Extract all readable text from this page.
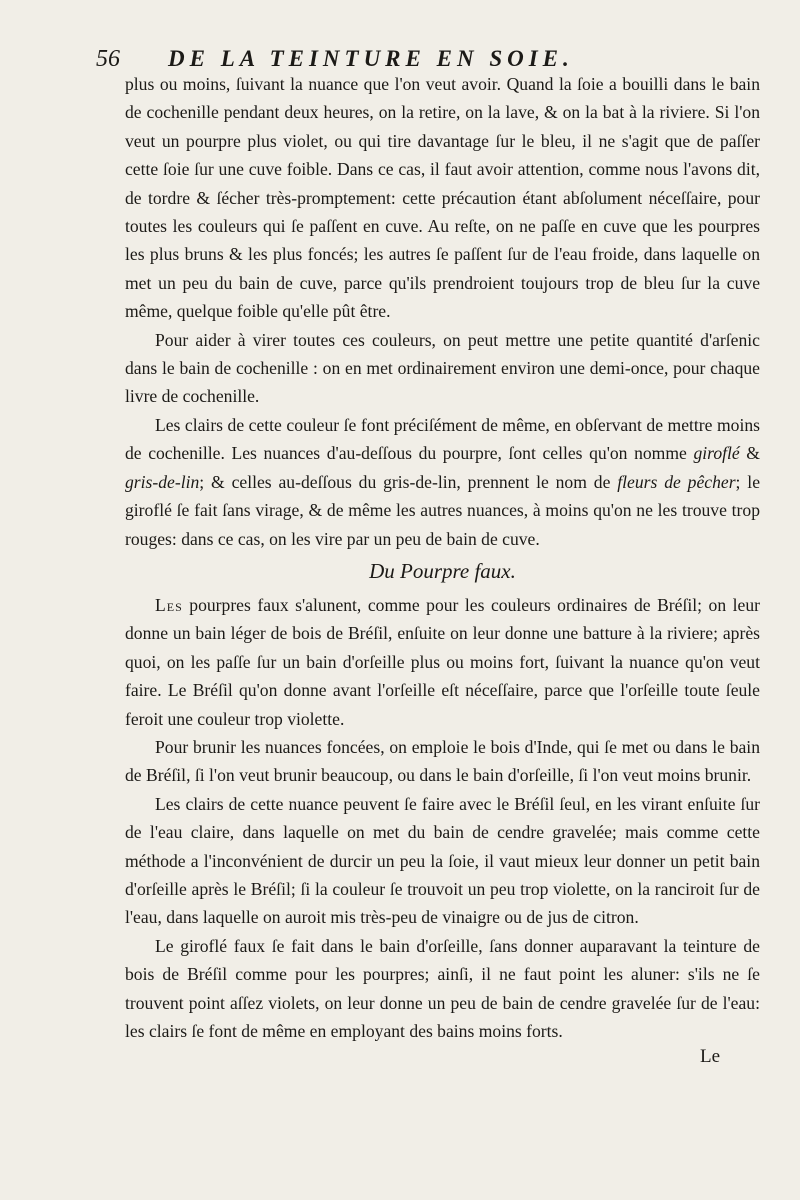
56 DE LA TEINTURE EN SOIE.

plus ou moins, ſuivant la nuance que l'on veut avoir. Quand la ſoie a bouilli dans le bain de cochenille pendant deux heures, on la retire, on la lave, & on la bat à la riviere. Si l'on veut un pourpre plus violet, ou qui tire davantage ſur le bleu, il ne s'agit que de paſſer cette ſoie ſur une cuve foible. Dans ce cas, il faut avoir attention, comme nous l'avons dit, de tordre & ſécher très-promptement: cette précaution étant abſolument néceſſaire, pour toutes les couleurs qui ſe paſſent en cuve. Au reſte, on ne paſſe en cuve que les pourpres les plus bruns & les plus foncés; les autres ſe paſſent ſur de l'eau froide, dans laquelle on met un peu du bain de cuve, parce qu'ils prendroient toujours trop de bleu ſur la cuve même, quelque foible qu'elle pût être.

Pour aider à virer toutes ces couleurs, on peut mettre une petite quantité d'arſenic dans le bain de cochenille : on en met ordinairement environ une demi-once, pour chaque livre de cochenille.

Les clairs de cette couleur ſe font préciſément de même, en obſervant de mettre moins de cochenille. Les nuances d'au-deſſous du pourpre, ſont celles qu'on nomme giroflé & gris-de-lin; & celles au-deſſous du gris-de-lin, prennent le nom de fleurs de pêcher; le giroflé ſe fait ſans virage, & de même les autres nuances, à moins qu'on ne les trouve trop rouges: dans ce cas, on les vire par un peu de bain de cuve.

Du Pourpre faux.

Les pourpres faux s'alunent, comme pour les couleurs ordinaires de Bréſil; on leur donne un bain léger de bois de Bréſil, enſuite on leur donne une batture à la riviere; après quoi, on les paſſe ſur un bain d'orſeille plus ou moins fort, ſuivant la nuance qu'on veut faire. Le Bréſil qu'on donne avant l'orſeille eſt néceſſaire, parce que l'orſeille toute ſeule feroit une couleur trop violette.

Pour brunir les nuances foncées, on emploie le bois d'Inde, qui ſe met ou dans le bain de Bréſil, ſi l'on veut brunir beaucoup, ou dans le bain d'orſeille, ſi l'on veut moins brunir.

Les clairs de cette nuance peuvent ſe faire avec le Bréſil ſeul, en les virant enſuite ſur de l'eau claire, dans laquelle on met du bain de cendre gravelée; mais comme cette méthode a l'inconvénient de durcir un peu la ſoie, il vaut mieux leur donner un petit bain d'orſeille après le Bréſil; ſi la couleur ſe trouvoit un peu trop violette, on la ranciroit ſur de l'eau, dans laquelle on auroit mis très-peu de vinaigre ou de jus de citron.

Le giroflé faux ſe fait dans le bain d'orſeille, ſans donner auparavant la teinture de bois de Bréſil comme pour les pourpres; ainſi, il ne faut point les aluner: s'ils ne ſe trouvent point aſſez violets, on leur donne un peu de bain de cendre gravelée ſur de l'eau: les clairs ſe font de même en employant des bains moins forts.

Le
